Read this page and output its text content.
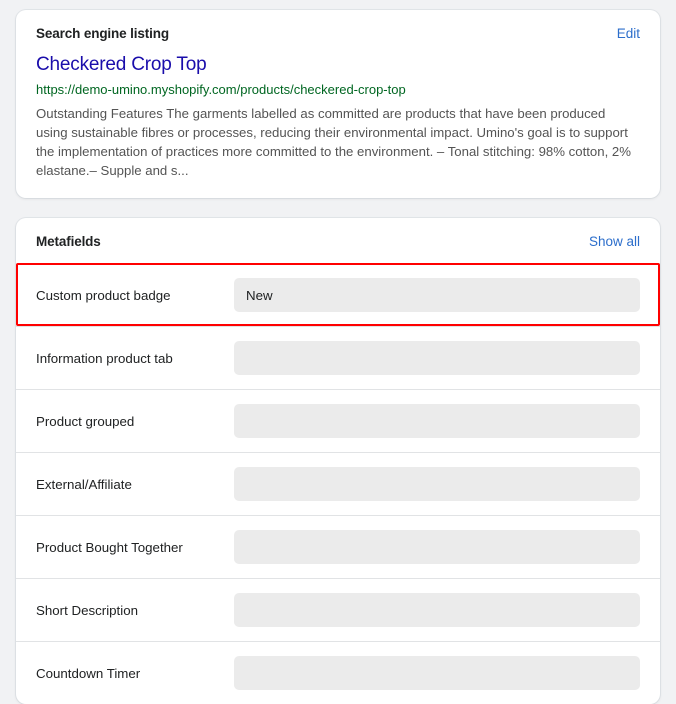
Search engine listing	Edit
Checkered Crop Top
https://demo-umino.myshopify.com/products/checkered-crop-top
Outstanding Features The garments labelled as committed are products that have been produced using sustainable fibres or processes, reducing their environmental impact. Umino's goal is to support the implementation of practices more committed to the environment. – Tonal stitching: 98% cotton, 2% elastane.– Supple and s...
Metafields	Show all
Custom product badge	New
Information product tab
Product grouped
External/Affiliate
Product Bought Together
Short Description
Countdown Timer
